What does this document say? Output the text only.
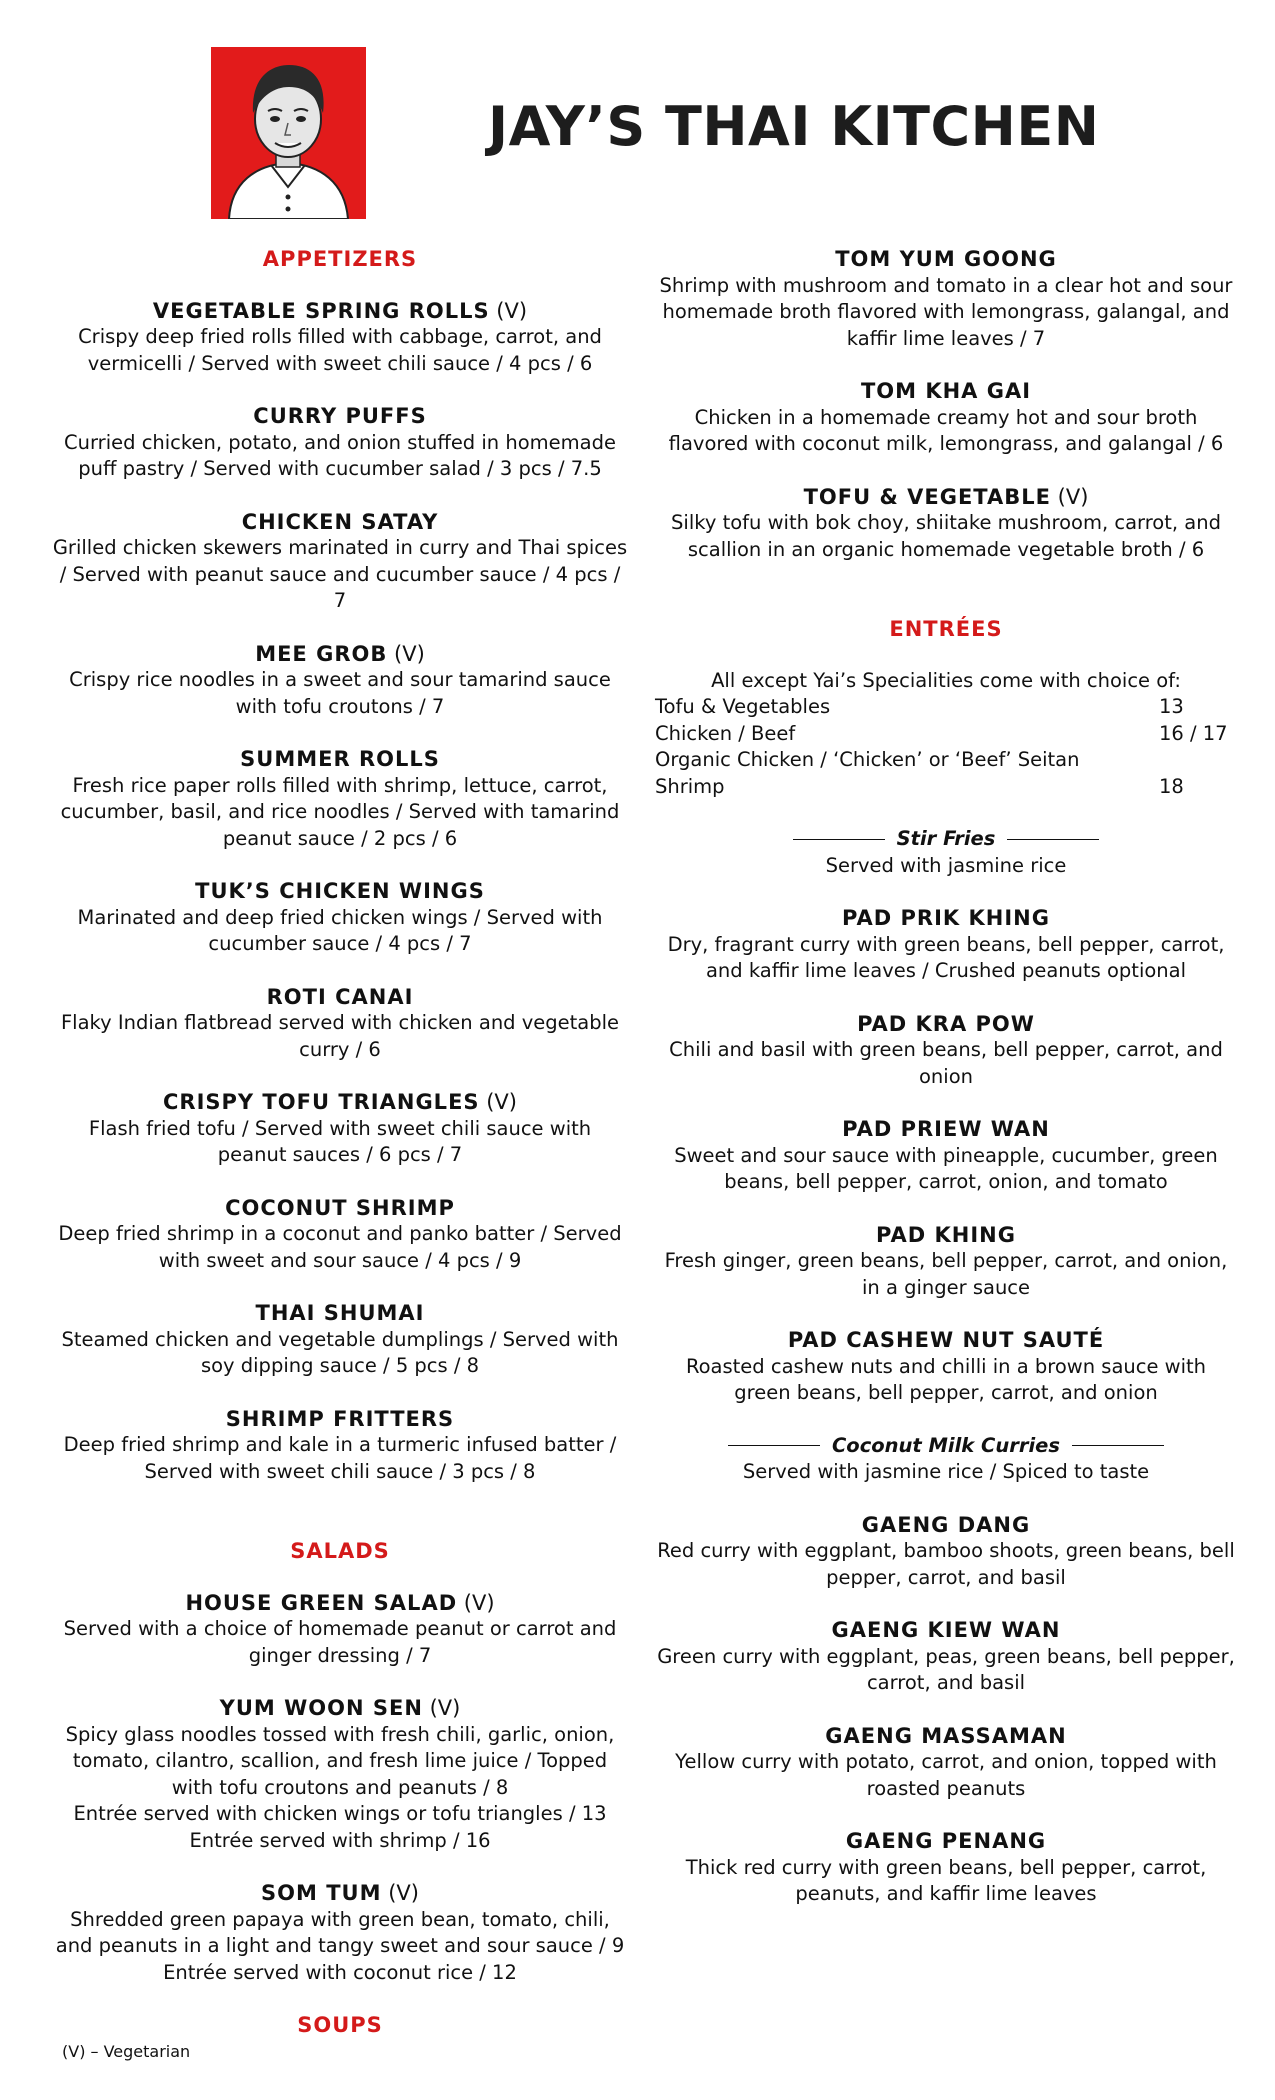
JAY’S THAI KITCHEN
APPETIZERS
VEGETABLE SPRING ROLLS (V)

Crispy deep fried rolls filled with cabbage, carrot, and vermicelli / Served with sweet chili sauce / 4 pcs / 6

CURRY PUFFS

Curried chicken, potato, and onion stuffed in homemade puff pastry / Served with cucumber salad / 3 pcs / 7.5

CHICKEN SATAY

Grilled chicken skewers marinated in curry and Thai spices / Served with peanut sauce and cucumber sauce / 4 pcs / 7

MEE GROB (V)

Crispy rice noodles in a sweet and sour tamarind sauce with tofu croutons / 7

SUMMER ROLLS

Fresh rice paper rolls filled with shrimp, lettuce, carrot, cucumber, basil, and rice noodles / Served with tamarind peanut sauce / 2 pcs / 6

TUK’S CHICKEN WINGS

Marinated and deep fried chicken wings / Served with cucumber sauce / 4 pcs / 7

ROTI CANAI

Flaky Indian flatbread served with chicken and vegetable curry / 6

CRISPY TOFU TRIANGLES (V)

Flash fried tofu / Served with sweet chili sauce with peanut sauces / 6 pcs / 7

COCONUT SHRIMP

Deep fried shrimp in a coconut and panko batter / Served with sweet and sour sauce / 4 pcs / 9

THAI SHUMAI

Steamed chicken and vegetable dumplings / Served with soy dipping sauce / 5 pcs / 8

SHRIMP FRITTERS

Deep fried shrimp and kale in a turmeric infused batter / Served with sweet chili sauce / 3 pcs / 8

SALADS
HOUSE GREEN SALAD (V)

Served with a choice of homemade peanut or carrot and ginger dressing / 7

YUM WOON SEN (V)

Spicy glass noodles tossed with fresh chili, garlic, onion, tomato, cilantro, scallion, and fresh lime juice / Topped with tofu croutons and peanuts / 8

Entrée served with chicken wings or tofu triangles / 13

Entrée served with shrimp / 16

SOM TUM (V)

Shredded green papaya with green bean, tomato, chili, and peanuts in a light and tangy sweet and sour sauce / 9

Entrée served with coconut rice / 12

SOUPS
TOM YUM GOONG

Shrimp with mushroom and tomato in a clear hot and sour homemade broth flavored with lemongrass, galangal, and kaffir lime leaves / 7

TOM KHA GAI

Chicken in a homemade creamy hot and sour broth flavored with coconut milk, lemongrass, and galangal / 6

TOFU & VEGETABLE (V)

Silky tofu with bok choy, shiitake mushroom, carrot, and scallion in an organic homemade vegetable broth / 6

ENTRÉES

All except Yai’s Specialities come with choice of:

Tofu & Vegetables	13
Chicken / Beef	16 / 17
Organic Chicken / ‘Chicken’ or ‘Beef’ Seitan	
Shrimp	18
Stir Fries

Served with jasmine rice

PAD PRIK KHING

Dry, fragrant curry with green beans, bell pepper, carrot, and kaffir lime leaves / Crushed peanuts optional

PAD KRA POW

Chili and basil with green beans, bell pepper, carrot, and onion

PAD PRIEW WAN

Sweet and sour sauce with pineapple, cucumber, green beans, bell pepper, carrot, onion, and tomato

PAD KHING

Fresh ginger, green beans, bell pepper, carrot, and onion, in a ginger sauce

PAD CASHEW NUT SAUTÉ

Roasted cashew nuts and chilli in a brown sauce with green beans, bell pepper, carrot, and onion

Coconut Milk Curries

Served with jasmine rice / Spiced to taste

GAENG DANG

Red curry with eggplant, bamboo shoots, green beans, bell pepper, carrot, and basil

GAENG KIEW WAN

Green curry with eggplant, peas, green beans, bell pepper, carrot, and basil

GAENG MASSAMAN

Yellow curry with potato, carrot, and onion, topped with roasted peanuts

GAENG PENANG

Thick red curry with green beans, bell pepper, carrot, peanuts, and kaffir lime leaves

(V) – Vegetarian
